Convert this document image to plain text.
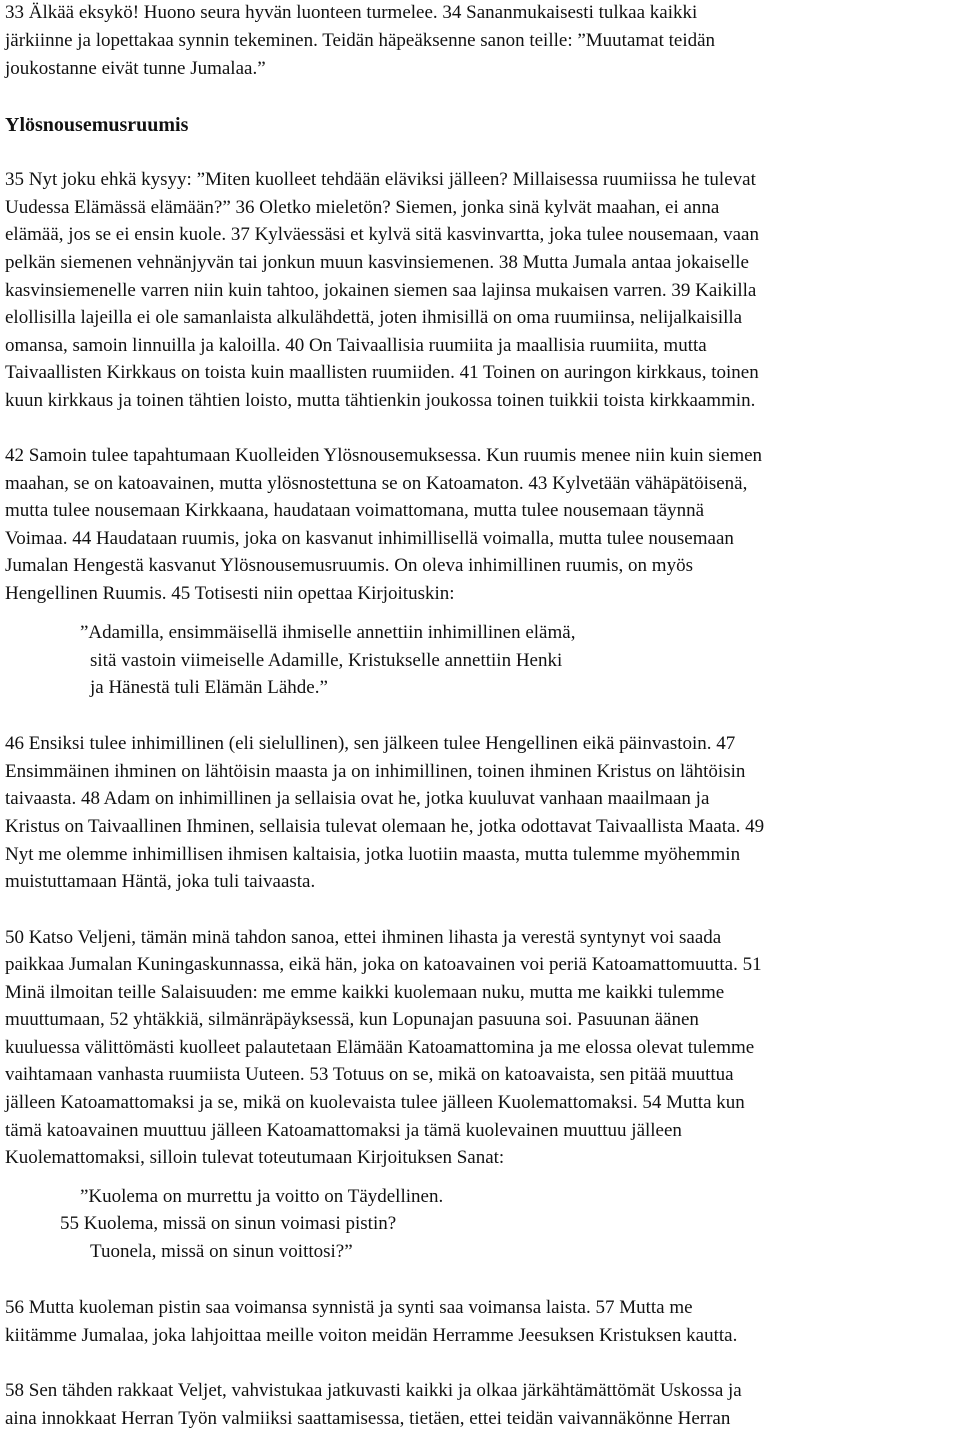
33 Älkää eksykö! Huono seura hyvän luonteen turmelee. 34 Sananmukaisesti tulkaa kaikki
järkiinne ja lopettakaa synnin tekeminen. Teidän häpeäksenne sanon teille: ”Muutamat teidän
joukostanne eivät tunne Jumalaa.”
Ylösnousemusruumis
35 Nyt joku ehkä kysyy: ”Miten kuolleet tehdään eläviksi jälleen? Millaisessa ruumiissa he tulevat
Uudessa Elämässä elämään?” 36 Oletko mieletön? Siemen, jonka sinä kylvät maahan, ei anna
elämää, jos se ei ensin kuole. 37 Kylväessäsi et kylvä sitä kasvinvartta, joka tulee nousemaan, vaan
pelkän siemenen vehnänjyvän tai jonkun muun kasvinsiemenen. 38 Mutta Jumala antaa jokaiselle
kasvinsiemenelle varren niin kuin tahtoo, jokainen siemen saa lajinsa mukaisen varren. 39 Kaikilla
elollisilla lajeilla ei ole samanlaista alkulähdettä, joten ihmisillä on oma ruumiinsa, nelijalkaisilla
omansa, samoin linnuilla ja kaloilla. 40 On Taivaallisia ruumiita ja maallisia ruumiita, mutta
Taivaallisten Kirkkaus on toista kuin maallisten ruumiiden. 41 Toinen on auringon kirkkaus, toinen
kuun kirkkaus ja toinen tähtien loisto, mutta tähtienkin joukossa toinen tuikkii toista kirkkaammin.
42 Samoin tulee tapahtumaan Kuolleiden Ylösnousemuksessa. Kun ruumis menee niin kuin siemen
maahan, se on katoavainen, mutta ylösnostettuna se on Katoamaton. 43 Kylvetään vähäpätöisenä,
mutta tulee nousemaan Kirkkaana, haudataan voimattomana, mutta tulee nousemaan täynnä
Voimaa. 44 Haudataan ruumis, joka on kasvanut inhimillisellä voimalla, mutta tulee nousemaan
Jumalan Hengestä kasvanut Ylösnousemusruumis. On oleva inhimillinen ruumis, on myös
Hengellinen Ruumis. 45 Totisesti niin opettaa Kirjoituskin:
”Adamilla, ensimmäisellä ihmiselle annettiin inhimillinen elämä,
sitä vastoin viimeiselle Adamille, Kristukselle annettiin Henki
ja Hänestä tuli Elämän Lähde.”
46 Ensiksi tulee inhimillinen (eli sielullinen), sen jälkeen tulee Hengellinen eikä päinvastoin. 47
Ensimmäinen ihminen on lähtöisin maasta ja on inhimillinen, toinen ihminen Kristus on lähtöisin
taivaasta. 48 Adam on inhimillinen ja sellaisia ovat he, jotka kuuluvat vanhaan maailmaan ja
Kristus on Taivaallinen Ihminen, sellaisia tulevat olemaan he, jotka odottavat Taivaallista Maata. 49
Nyt me olemme inhimillisen ihmisen kaltaisia, jotka luotiin maasta, mutta tulemme myöhemmin
muistuttamaan Häntä, joka tuli taivaasta.
50 Katso Veljeni, tämän minä tahdon sanoa, ettei ihminen lihasta ja verestä syntynyt voi saada
paikkaa Jumalan Kuningaskunnassa, eikä hän, joka on katoavainen voi periä Katoamattomuutta. 51
Minä ilmoitan teille Salaisuuden: me emme kaikki kuolemaan nuku, mutta me kaikki tulemme
muuttumaan, 52 yhtäkkiä, silmänräpäyksessä, kun Lopunajan pasuuna soi. Pasuunan äänen
kuuluessa välittömästi kuolleet palautetaan Elämään Katoamattomina ja me elossa olevat tulemme
vaihtamaan vanhasta ruumiista Uuteen. 53 Totuus on se, mikä on katoavaista, sen pitää muuttua
jälleen Katoamattomaksi ja se, mikä on kuolevaista tulee jälleen Kuolemattomaksi. 54 Mutta kun
tämä katoavainen muuttuu jälleen Katoamattomaksi ja tämä kuolevainen muuttuu jälleen
Kuolemattomaksi, silloin tulevat toteutumaan Kirjoituksen Sanat:
”Kuolema on murrettu ja voitto on Täydellinen.
55 Kuolema, missä on sinun voimasi pistin?
Tuonela, missä on sinun voittosi?”
56 Mutta kuoleman pistin saa voimansa synnistä ja synti saa voimansa laista. 57 Mutta me
kiitämme Jumalaa, joka lahjoittaa meille voiton meidän Herramme Jeesuksen Kristuksen kautta.
58 Sen tähden rakkaat Veljet, vahvistukaa jatkuvasti kaikki ja olkaa järkähtämättömät Uskossa ja
aina innokkaat Herran Työn valmiiksi saattamisessa, tietäen, ettei teidän vaivannäkönne Herran
